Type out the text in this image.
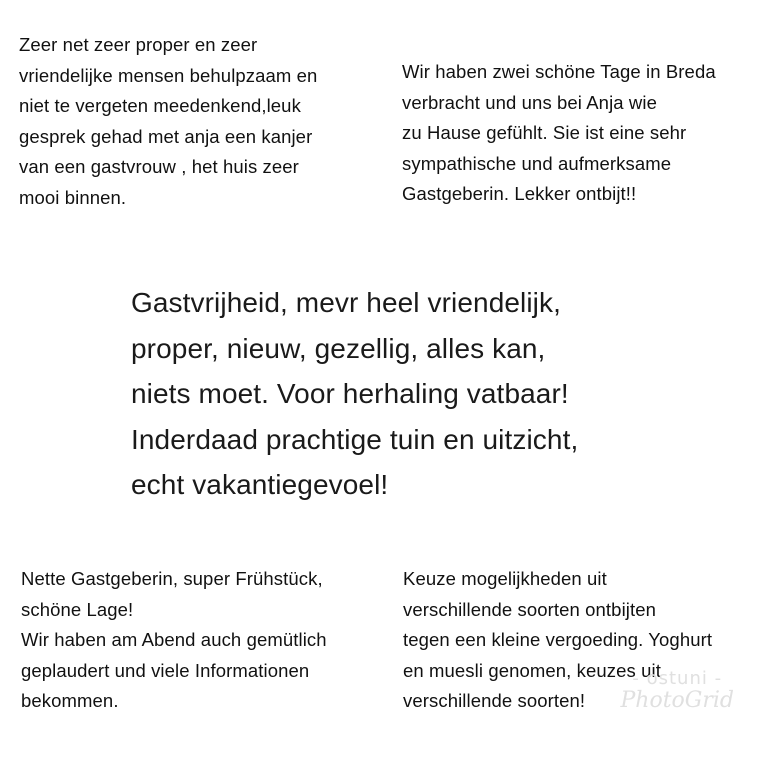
Zeer net zeer proper en zeer
vriendelijke mensen behulpzaam en
niet te vergeten meedenkend,leuk
gesprek gehad met anja een kanjer
van een gastvrouw , het huis zeer
mooi binnen.

Wir haben zwei schöne Tage in Breda
verbracht und uns bei Anja wie
zu Hause gefühlt. Sie ist eine sehr
sympathische und aufmerksame
Gastgeberin. Lekker ontbijt!!

Gastvrijheid, mevr heel vriendelijk,
proper, nieuw, gezellig, alles kan,
niets moet. Voor herhaling vatbaar!
Inderdaad prachtige tuin en uitzicht,
echt vakantiegevoel!

Nette Gastgeberin, super Frühstück,
schöne Lage!
Wir haben am Abend auch gemütlich
geplaudert und viele Informationen
bekommen.

Keuze mogelijkheden uit
verschillende soorten ontbijten
tegen een kleine vergoeding. Yoghurt
en muesli genomen, keuzes uit
verschillende soorten!

- ostuni -
PhotoGrid
